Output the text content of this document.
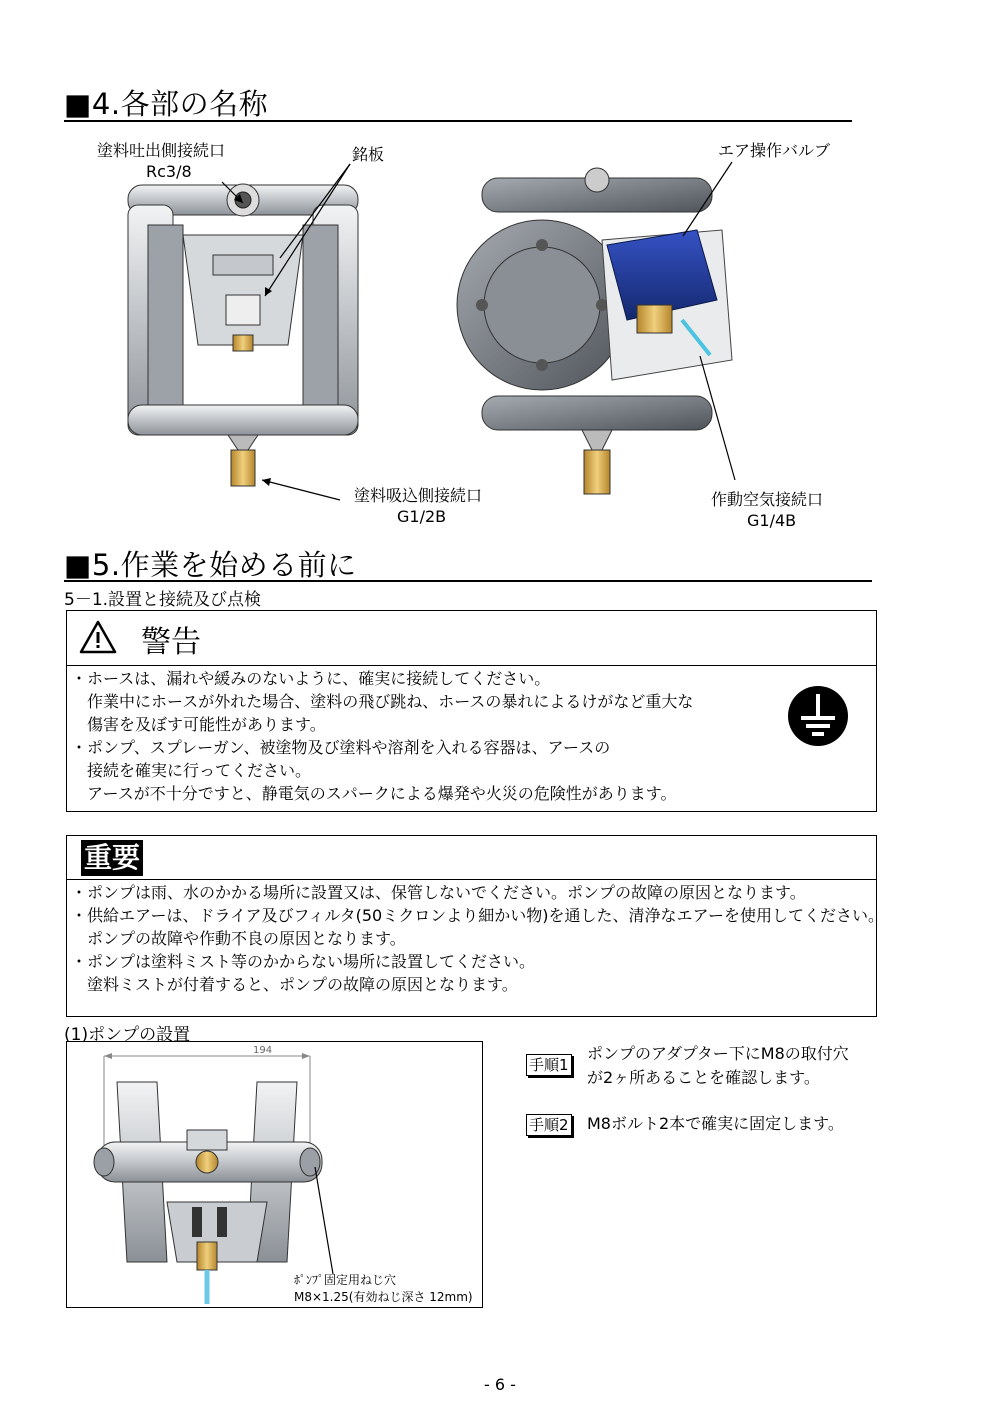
■4.各部の名称
塗料吐出側接続口
Rc3/8
銘板	エア操作バルブ
塗料吸込側接続口
G1/2B
作動空気接続口
G1/4B
■5.作業を始める前に
5－1.設置と接続及び点検
警告
・ホースは、漏れや緩みのないように、確実に接続してください。
　作業中にホースが外れた場合、塗料の飛び跳ね、ホースの暴れによるけがなど重大な
　傷害を及ぼす可能性があります。
・ポンプ、スプレーガン、被塗物及び塗料や溶剤を入れる容器は、アースの
　接続を確実に行ってください。
　アースが不十分ですと、静電気のスパークによる爆発や火災の危険性があります。
重要
・ポンプは雨、水のかかる場所に設置又は、保管しないでください。ポンプの故障の原因となります。
・供給エアーは、ドライア及びフィルタ(50ミクロンより細かい物)を通した、清浄なエアーを使用してください。
　ポンプの故障や作動不良の原因となります。
・ポンプは塗料ミスト等のかからない場所に設置してください。
　塗料ミストが付着すると、ポンプの故障の原因となります。
(1)ポンプの設置
194
ﾎﾟﾝﾌﾟ固定用ねじ穴
M8×1.25(有効ねじ深さ 12mm)
手順1
ポンプのアダプター下にM8の取付穴
が2ヶ所あることを確認します。
手順2 M8ボルト2本で確実に固定します。
- 6 -
